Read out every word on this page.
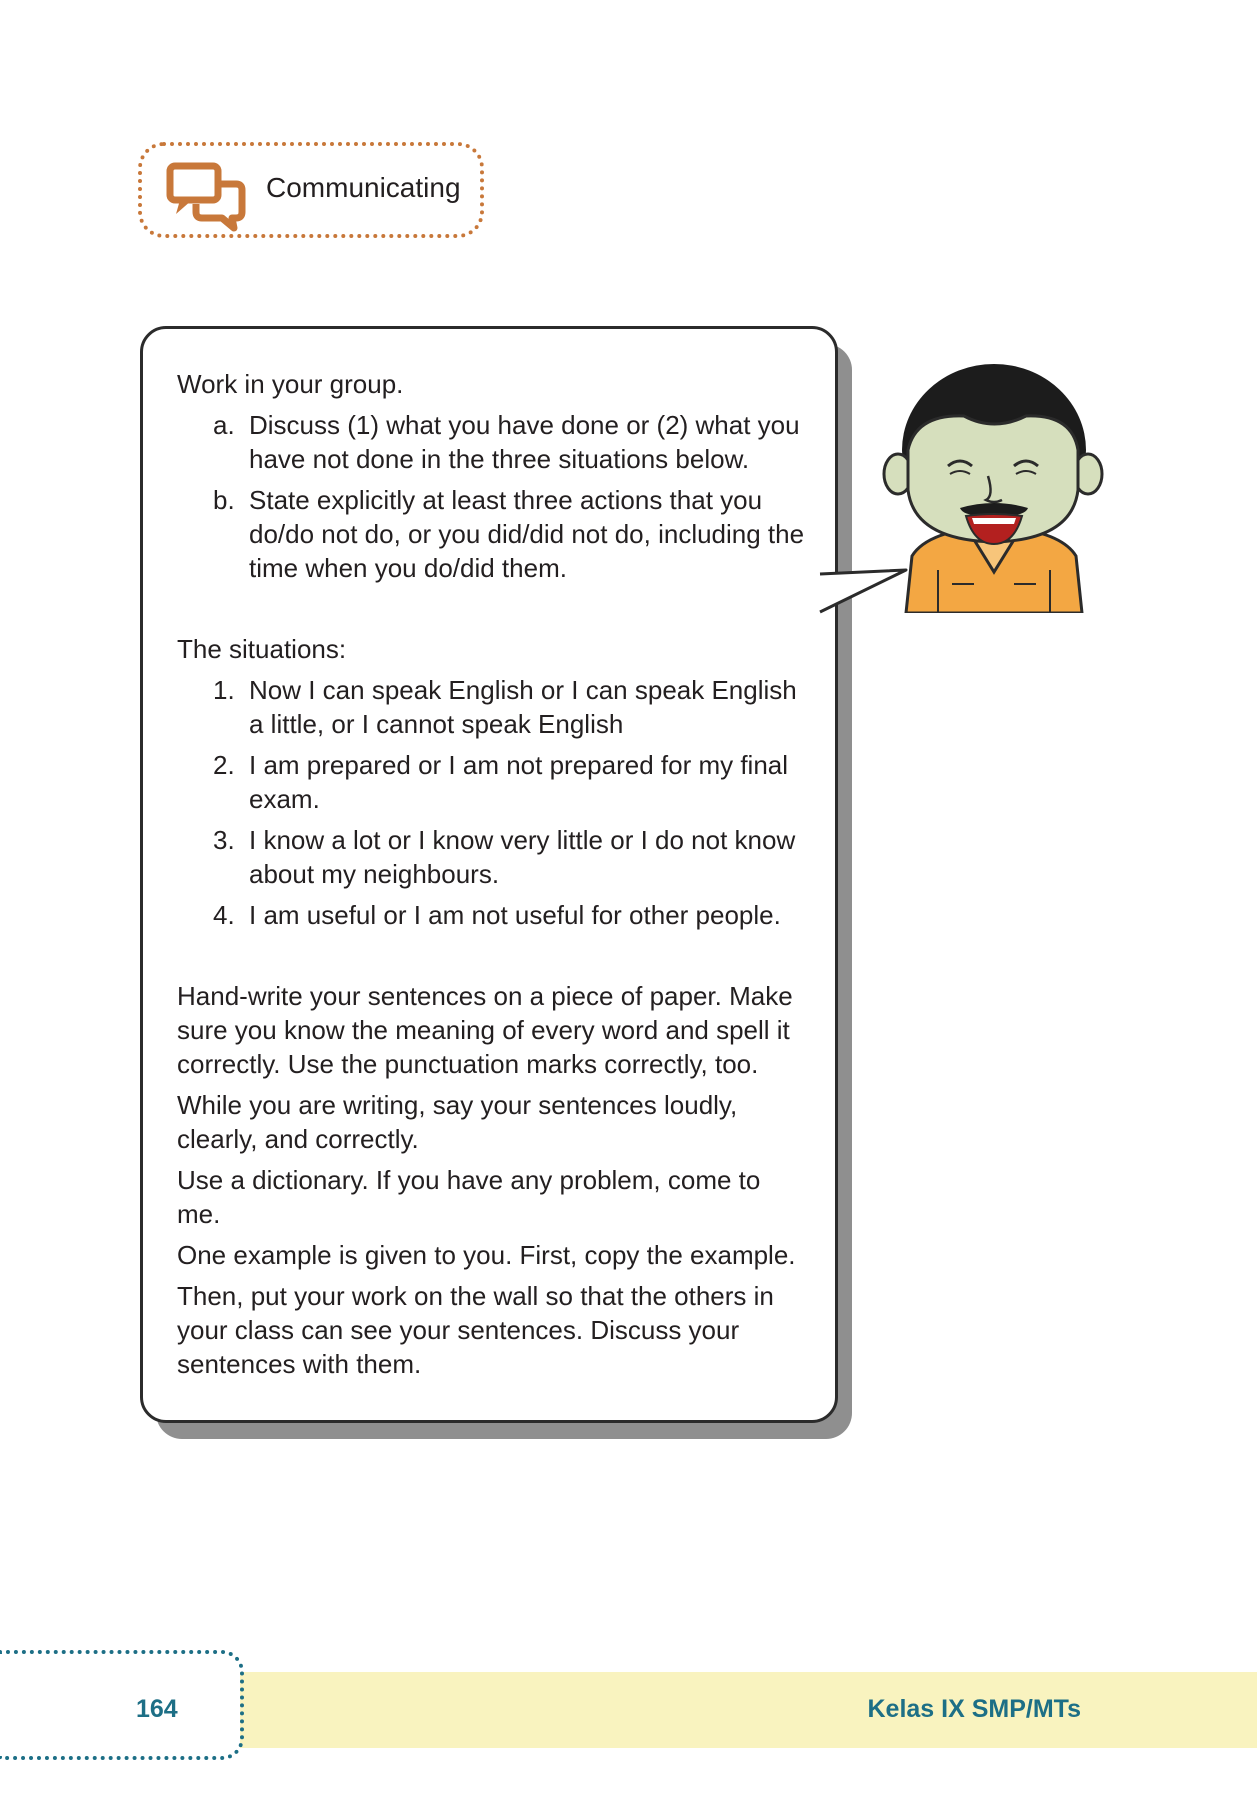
Communicating

Work in your group.

a. Discuss (1) what you have done or (2) what you have not done in the three situations below.
b. State explicitly at least three actions that you do/do not do, or you did/did not do, including the time when you do/did them.

The situations:

1. Now I can speak English or I can speak English a little, or I cannot speak English
2. I am prepared or I am not prepared for my final exam.
3. I know a lot or I know very little or I do not know about my neighbours.
4. I am useful or I am not useful for other people.

Hand-write your sentences on a piece of paper. Make sure you know the meaning of every word and spell it correctly. Use the punctuation marks correctly, too.

While you are writing, say your sentences loudly, clearly, and correctly.

Use a dictionary. If you have any problem, come to me.

One example is given to you. First, copy the example.

Then, put your work on the wall so that the others in your class can see your sentences. Discuss your sentences with them.

164	Kelas IX SMP/MTs
